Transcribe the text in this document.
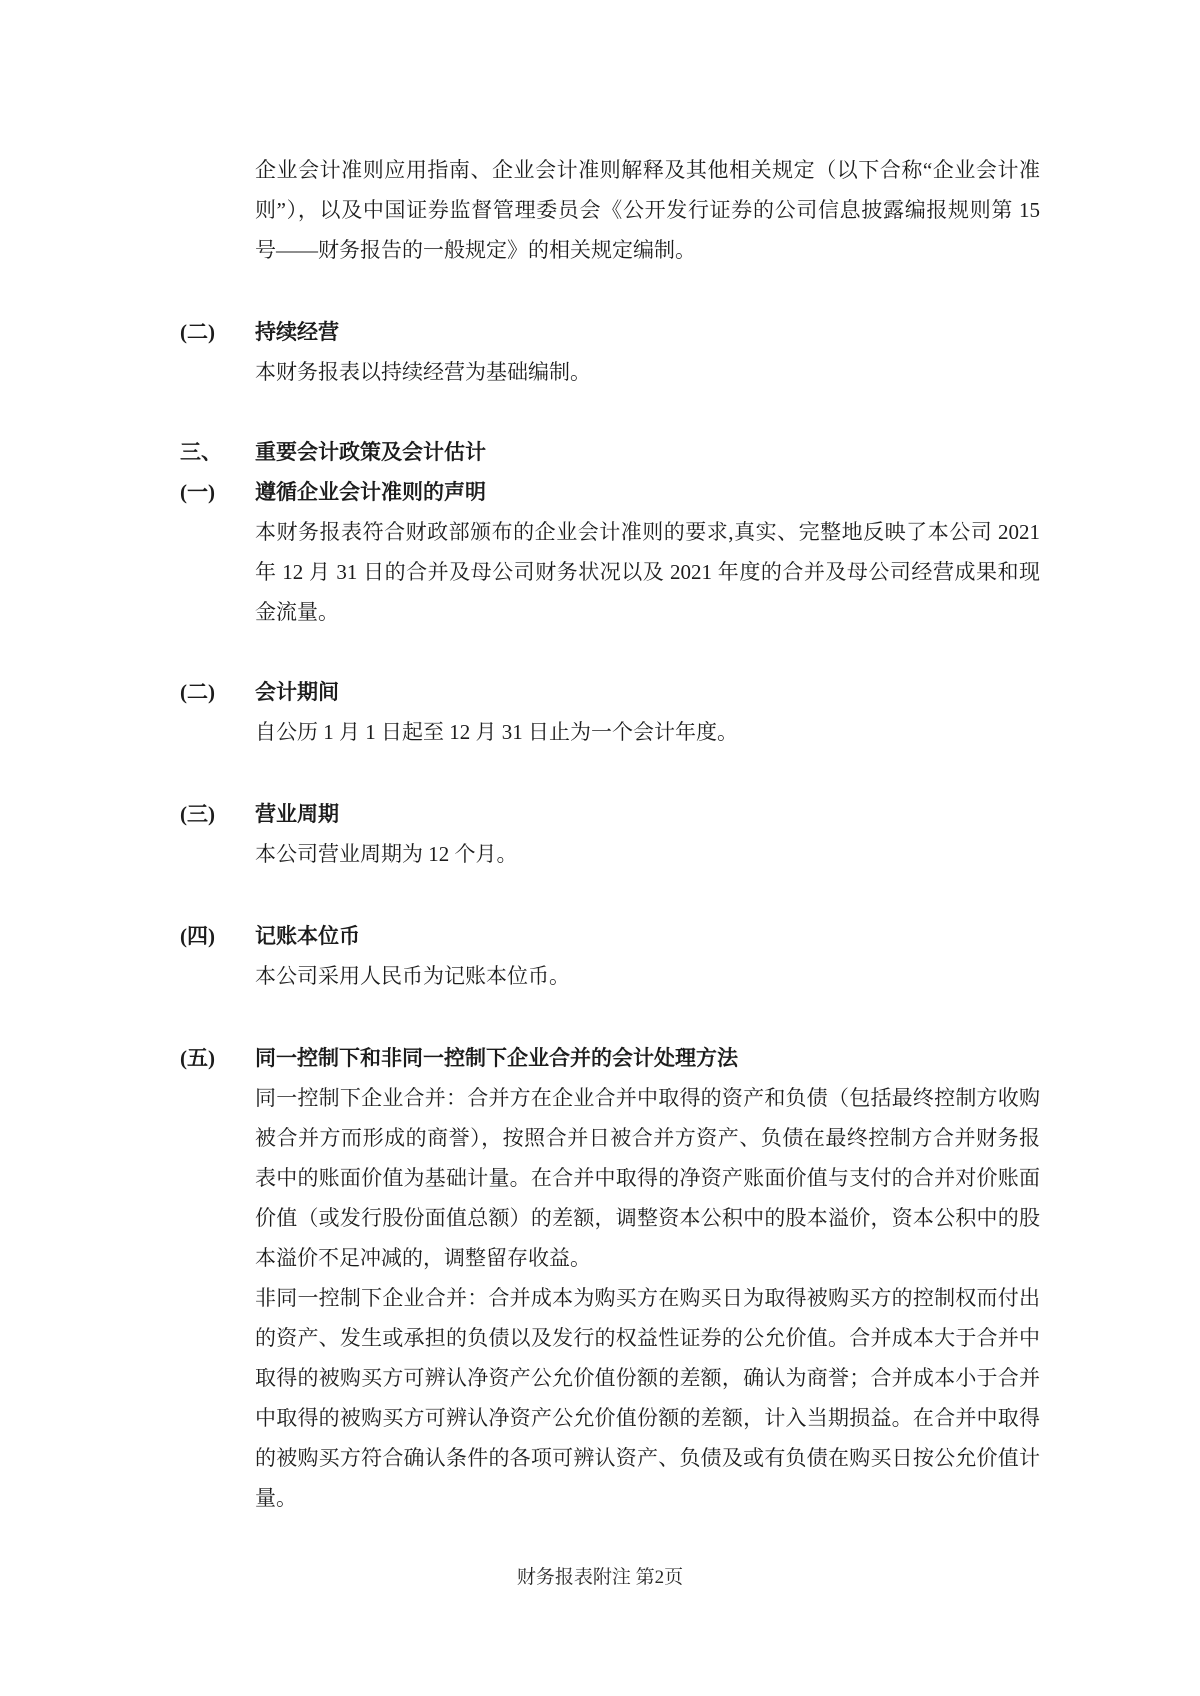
企业会计准则应用指南、企业会计准则解释及其他相关规定（以下合称“企业会计准则”），以及中国证券监督管理委员会《公开发行证券的公司信息披露编报规则第 15 号——财务报告的一般规定》的相关规定编制。
(二)	持续经营
本财务报表以持续经营为基础编制。
三、	重要会计政策及会计估计
(一)	遵循企业会计准则的声明
本财务报表符合财政部颁布的企业会计准则的要求,真实、完整地反映了本公司 2021 年 12 月 31 日的合并及母公司财务状况以及 2021 年度的合并及母公司经营成果和现金流量。
(二)	会计期间
自公历 1 月 1 日起至 12 月 31 日止为一个会计年度。
(三)	营业周期
本公司营业周期为 12 个月。
(四)	记账本位币
本公司采用人民币为记账本位币。
(五)	同一控制下和非同一控制下企业合并的会计处理方法

同一控制下企业合并：合并方在企业合并中取得的资产和负债（包括最终控制方收购被合并方而形成的商誉），按照合并日被合并方资产、负债在最终控制方合并财务报表中的账面价值为基础计量。在合并中取得的净资产账面价值与支付的合并对价账面价值（或发行股份面值总额）的差额，调整资本公积中的股本溢价，资本公积中的股本溢价不足冲减的，调整留存收益。

非同一控制下企业合并：合并成本为购买方在购买日为取得被购买方的控制权而付出的资产、发生或承担的负债以及发行的权益性证券的公允价值。合并成本大于合并中取得的被购买方可辨认净资产公允价值份额的差额，确认为商誉；合并成本小于合并中取得的被购买方可辨认净资产公允价值份额的差额，计入当期损益。在合并中取得的被购买方符合确认条件的各项可辨认资产、负债及或有负债在购买日按公允价值计量。

财务报表附注 第2页
